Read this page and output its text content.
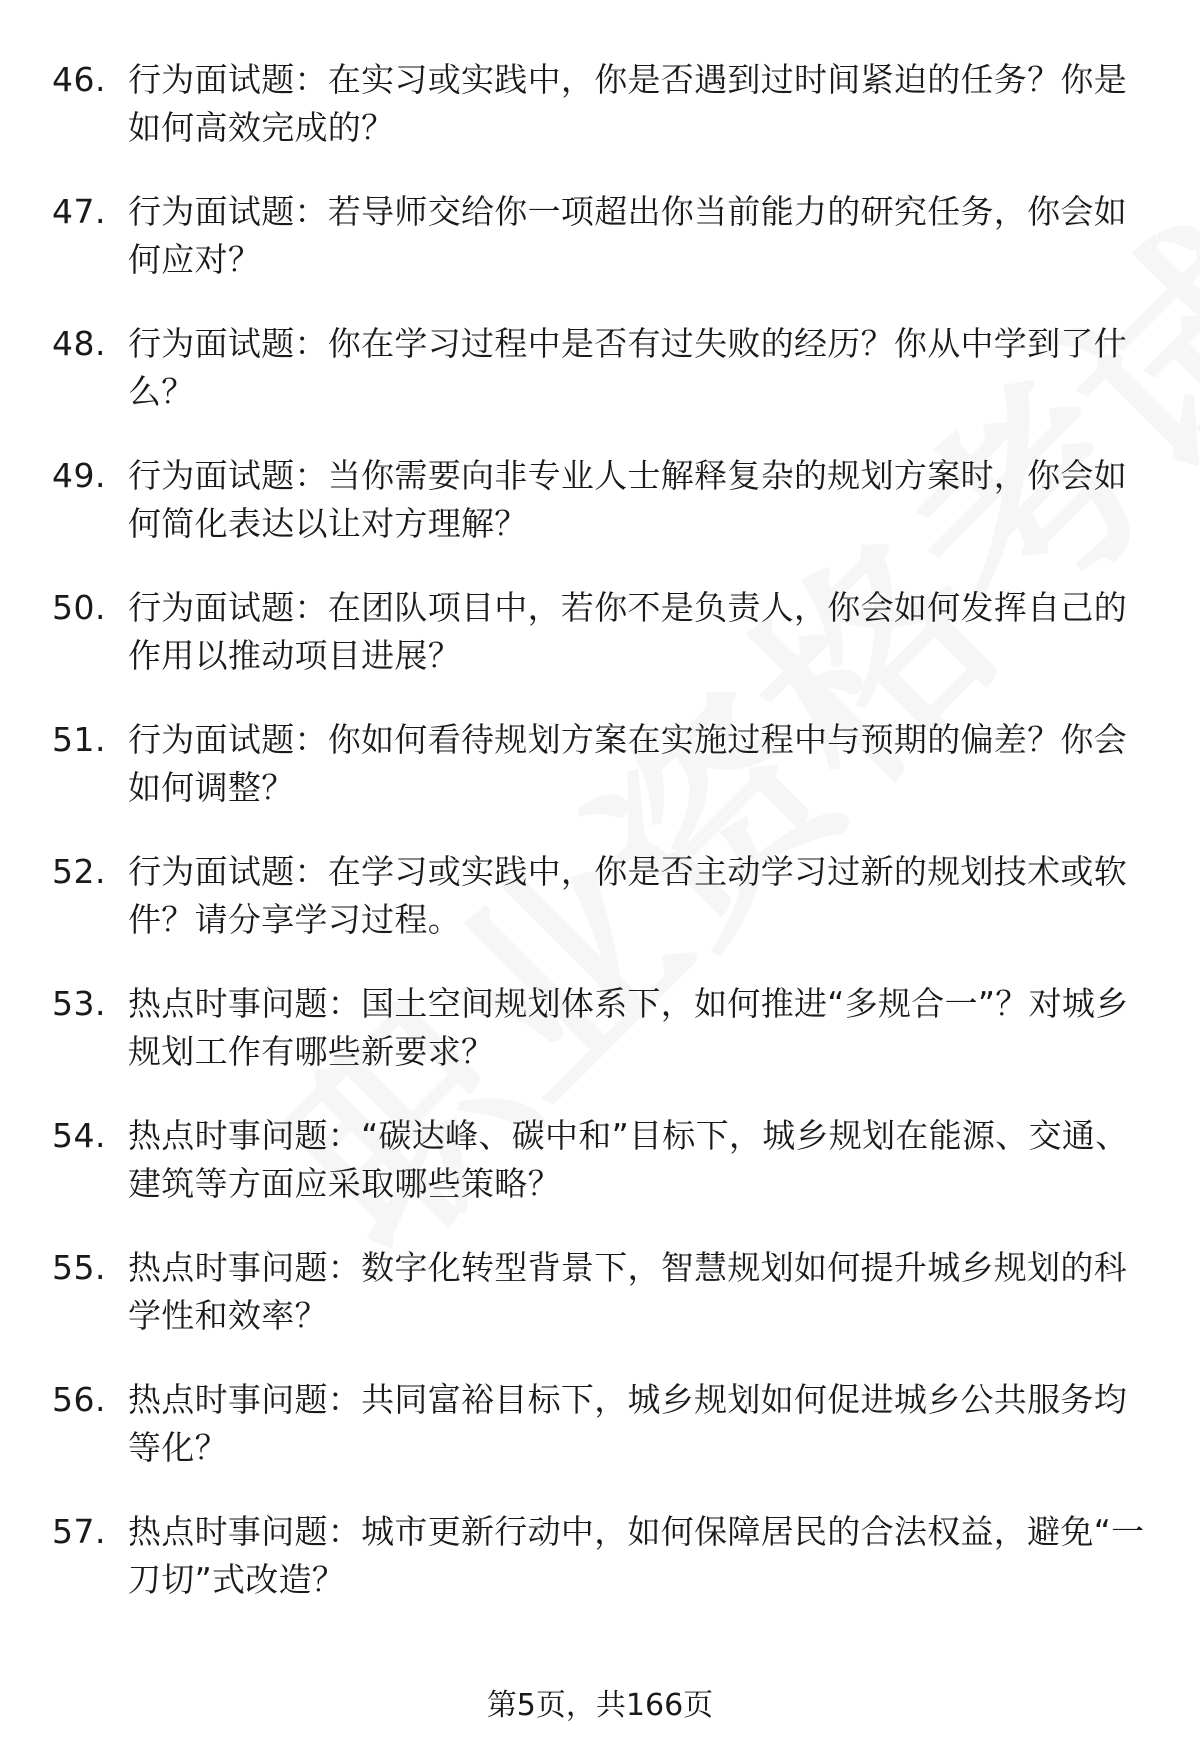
46. 行为面试题：在实习或实践中，你是否遇到过时间紧迫的任务？你是如何高效完成的？
47. 行为面试题：若导师交给你一项超出你当前能力的研究任务，你会如何应对？
48. 行为面试题：你在学习过程中是否有过失败的经历？你从中学到了什么？
49. 行为面试题：当你需要向非专业人士解释复杂的规划方案时，你会如何简化表达以让对方理解？
50. 行为面试题：在团队项目中，若你不是负责人，你会如何发挥自己的作用以推动项目进展？
51. 行为面试题：你如何看待规划方案在实施过程中与预期的偏差？你会如何调整？
52. 行为面试题：在学习或实践中，你是否主动学习过新的规划技术或软件？请分享学习过程。
53. 热点时事问题：国土空间规划体系下，如何推进“多规合一”？对城乡规划工作有哪些新要求？
54. 热点时事问题：“碳达峰、碳中和”目标下，城乡规划在能源、交通、建筑等方面应采取哪些策略？
55. 热点时事问题：数字化转型背景下，智慧规划如何提升城乡规划的科学性和效率？
56. 热点时事问题：共同富裕目标下，城乡规划如何促进城乡公共服务均等化？
57. 热点时事问题：城市更新行动中，如何保障居民的合法权益，避免“一刀切”式改造？
第5页，共166页
